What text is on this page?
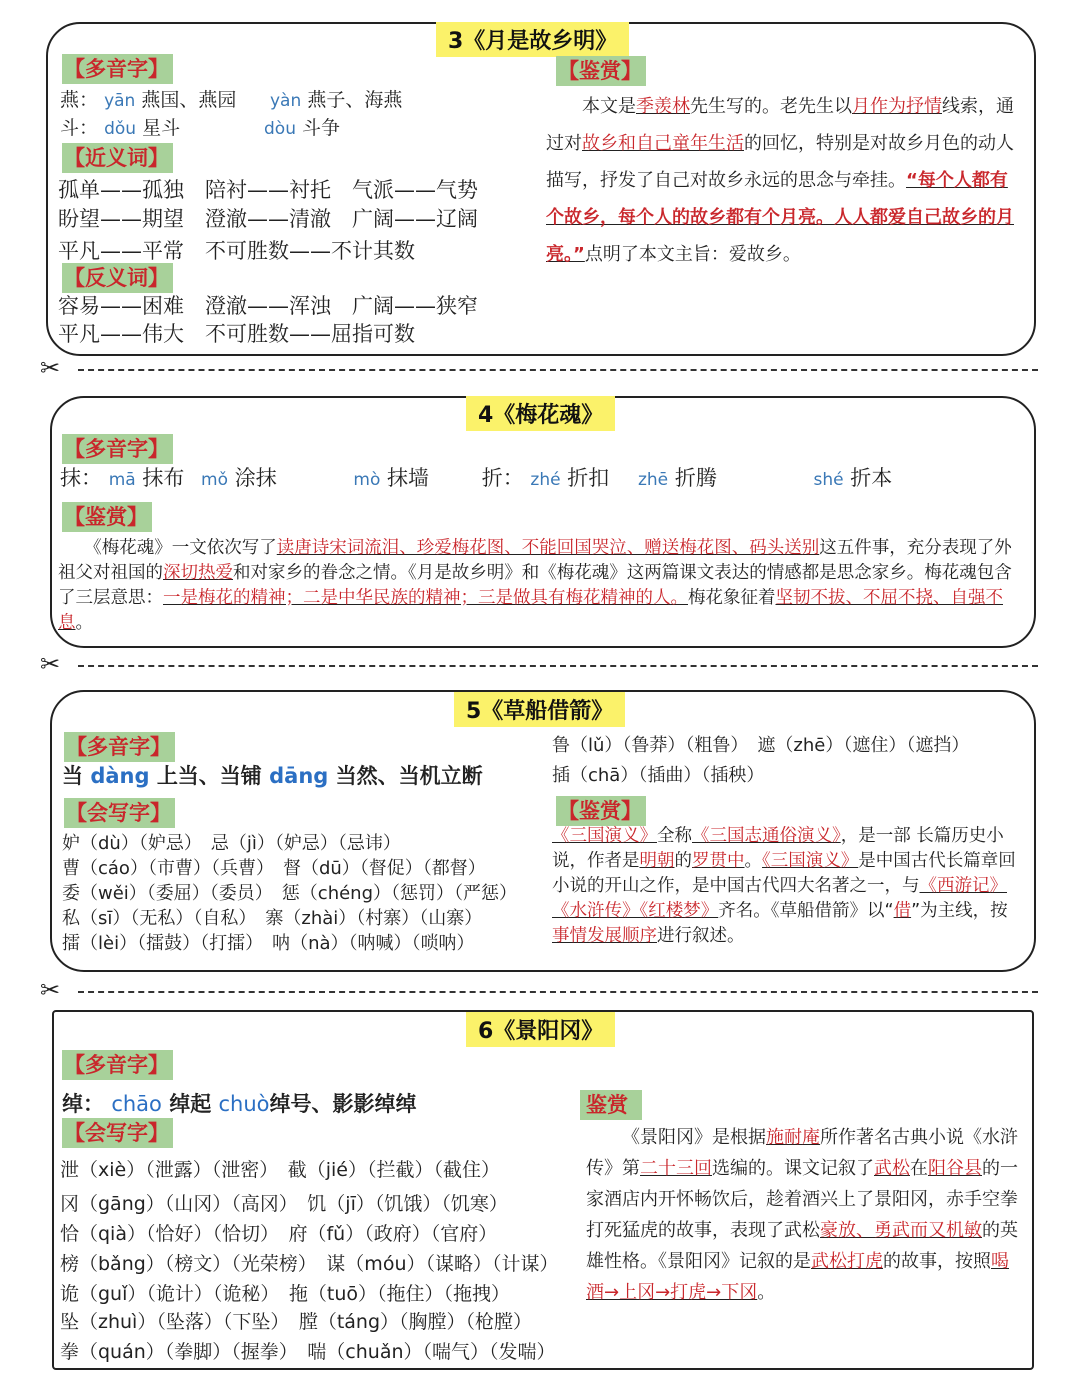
3《月是故乡明》
【多音字】
燕： yān 燕国、燕园 yàn 燕子、海燕
斗： dǒu 星斗	dòu 斗争
【近义词】
孤单——孤独　陪衬——衬托　气派——气势
盼望——期望　澄澈——清澈　广阔——辽阔
平凡——平常　不可胜数——不计其数
【反义词】
容易——困难　澄澈——浑浊　广阔——狭窄
平凡——伟大　不可胜数——屈指可数
【鉴赏】
本文是季羡林先生写的。老先生以月作为抒情线索，通过对故乡和自己童年生活的回忆，特别是对故乡月色的动人描写，抒发了自己对故乡永远的思念与牵挂。“每个人都有个故乡，每个人的故乡都有个月亮。人人都爱自己故乡的月亮。”点明了本文主旨：爱故乡。
✂
4《梅花魂》
【多音字】
抹： mā 抹布 mǒ 涂抹	mò 抹墙	折： zhé 折扣 zhē 折腾	shé 折本
【鉴赏】
《梅花魂》一文依次写了读唐诗宋词流泪、珍爱梅花图、不能回国哭泣、赠送梅花图、码头送别这五件事，充分表现了外祖父对祖国的深切热爱和对家乡的眷念之情。《月是故乡明》和《梅花魂》这两篇课文表达的情感都是思念家乡。梅花魂包含了三层意思：一是梅花的精神；二是中华民族的精神；三是做具有梅花精神的人。梅花象征着坚韧不拔、不屈不挠、自强不息。
✂
5《草船借箭》
【多音字】
当 dàng 上当、当铺 dāng 当然、当机立断
鲁（lǔ）（鲁莽）（粗鲁）　遮（zhē）（遮住）（遮挡）
插（chā）（插曲）（插秧）
【会写字】
妒（dù）（妒忌）　忌（jì）（妒忌）（忌讳）
曹（cáo）（市曹）（兵曹）　督（dū）（督促）（都督）
委（wěi）（委屈）（委员）　惩（chéng）（惩罚）（严惩）
私（sī）（无私）（自私）　寨（zhài）（村寨）（山寨）
擂（lèi）（擂鼓）（打擂）　呐（nà）（呐喊）（唢呐）
【鉴赏】
《三国演义》全称《三国志通俗演义》，是一部 长篇历史小说，作者是明朝的罗贯中。《三国演义》是中国古代长篇章回小说的开山之作，是中国古代四大名著之一，与《西游记》《水浒传》《红楼梦》齐名。《草船借箭》以“借”为主线，按事情发展顺序进行叙述。
✂
6《景阳冈》
【多音字】
绰： chāo 绰起 chuò绰号、影影绰绰
【会写字】
泄（xiè）（泄露）（泄密）　截（jié）（拦截）（截住）
冈（gāng）（山冈）（高冈）　饥（jī）（饥饿）（饥寒）
恰（qià）（恰好）（恰切）　府（fǔ）（政府）（官府）
榜（bǎng）（榜文）（光荣榜）　谋（móu）（谋略）（计谋）
诡（guǐ）（诡计）（诡秘）　拖（tuō）（拖住）（拖拽）
坠（zhuì）（坠落）（下坠）　膛（táng）（胸膛）（枪膛）
拳（quán）（拳脚）（握拳）　喘（chuǎn）（喘气）（发喘）
鉴赏
《景阳冈》是根据施耐庵所作著名古典小说《水浒传》第二十三回选编的。课文记叙了武松在阳谷县的一家酒店内开怀畅饮后，趁着酒兴上了景阳冈，赤手空拳打死猛虎的故事，表现了武松豪放、勇武而又机敏的英雄性格。《景阳冈》记叙的是武松打虎的故事，按照喝酒→上冈→打虎→下冈。
